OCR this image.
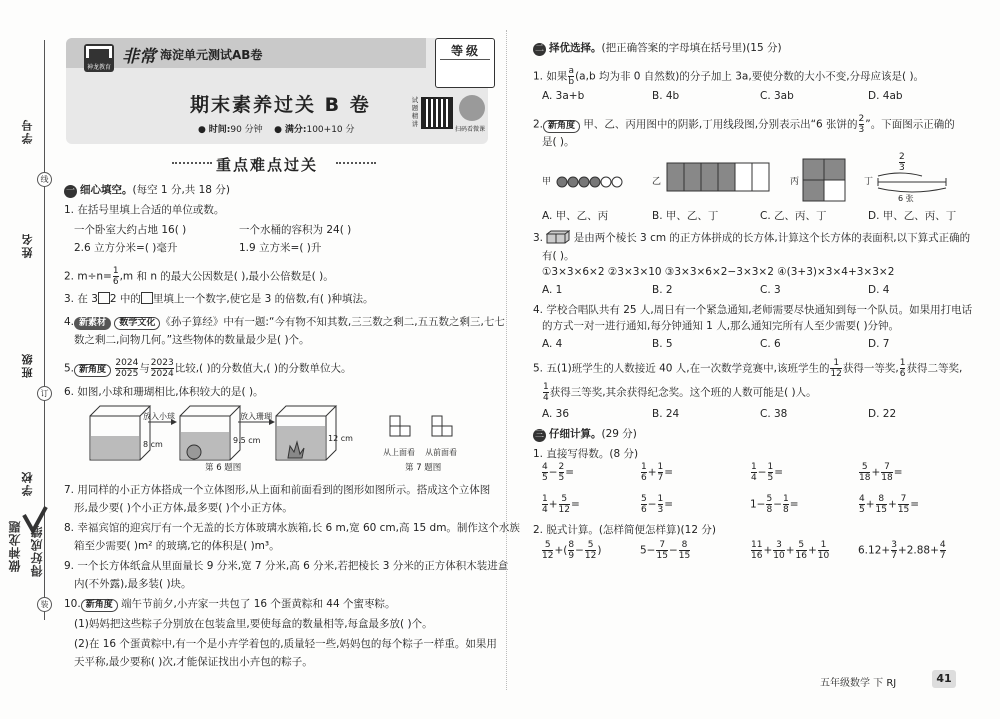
学号
姓名
班级
学校
线
订
装
做神龙题 得好成绩
神龙教育
非常 海淀单元测试AB卷	等级
期末素养过关 B 卷
● 时间:90 分钟 ● 满分:100+10 分
试题精讲
扫码看微课
重点难点过关
一 细心填空。(每空 1 分,共 18 分)
1. 在括号里填上合适的单位或数。
一个卧室大约占地 16( )	一个水桶的容积为 24( )
2.6 立方分米=( )毫升	1.9 立方米=( )升
2. $m\div n= \frac{1}{6} ,m$ 和 n 的最大公因数是( ),最小公倍数是( )。
3. 在 3 2 中的 里填上一个数字,使它是 3 的倍数,有( )种填法。
4. 新素材 数学文化 《孙子算经》中有一题:“今有物不知其数,三三数之剩二,五五数之剩三,七七
数之剩二,问物几何。”这些物体的数量最少是( )个。
5. 新角度 $\frac{2024}{2025}$ 与 $\frac{2023}{2024}$ 比较,( )的分数值大,( )的分数单位大。
6. 如图,小球和珊瑚相比,体积较大的是( )。
放入小球	放入珊瑚
8 cm	9.5 cm	12 cm
第 6 题图
从上面看 从前面看
第 7 题图
7. 用同样的小正方体搭成一个立体图形,从上面和前面看到的图形如图所示。搭成这个立体图
形,最少要( )个小正方体,最多要( )个小正方体。
8. 幸福宾馆的迎宾厅有一个无盖的长方体玻璃水族箱,长 6 m,宽 60 cm,高 15 dm。制作这个水族
箱至少需要( )m² 的玻璃,它的体积是( )m³。
9. 一个长方体纸盒从里面量长 9 分米,宽 7 分米,高 6 分米,若把棱长 3 分米的正方体积木装进盒
内(不外露),最多装( )块。
10. 新角度 端午节前夕,小卉家一共包了 16 个蛋黄粽和 44 个蜜枣粽。
(1)妈妈把这些粽子分别放在包装盒里,要使每盒的数量相等,每盒最多放( )个。
(2)在 16 个蛋黄粽中,有一个是小卉学着包的,质量轻一些,妈妈包的每个粽子一样重。如果用
天平称,最少要称( )次,才能保证找出小卉包的粽子。
二 择优选择。(把正确答案的字母填在括号里)(15 分)
1. 如果 $\frac{a}{b} (a,b$ 均为非 0 自然数)的分子加上 3a,要使分数的大小不变,分母应该是( )。
A. 3a+b	B. 4b	C. 3ab	D. 4ab
2. 新角度 甲、乙、丙用图中的阴影,丁用线段图,分别表示出“6 张饼的 $\frac{2}{3}$ ”。下面图示正确的
是( )。
甲	乙	丙	丁
$\frac{2}{3}$
6 张
A. 甲、乙、丙	B. 甲、乙、丁	C. 乙、丙、丁	D. 甲、乙、丙、丁
3.	是由两个棱长 3 cm 的正方体拼成的长方体,计算这个长方体的表面积,以下算式正确的
有( )。
①3×3×6×2 ②3×3×10 ③3×3×6×2−3×3×2 ④(3+3)×3×4+3×3×2
A. 1	B. 2	C. 3	D. 4
4. 学校合唱队共有 25 人,周日有一个紧急通知,老师需要尽快通知到每一个队员。如果用打电话
的方式一对一进行通知,每分钟通知 1 人,那么通知完所有人至少需要( )分钟。
A. 4	B. 5	C. 6	D. 7
5. 五(1)班学生的人数接近 40 人,在一次数学竞赛中,该班学生的 $\frac{1}{12}$ 获得一等奖, $\frac{1}{6}$ 获得二等奖,
$\frac{1}{4}$ 获得三等奖,其余获得纪念奖。这个班的人数可能是( )人。
A. 36	B. 24	C. 38	D. 22
三 仔细计算。(29 分)
1. 直接写得数。(8 分)
2. 脱式计算。(怎样简便怎样算)(12 分)
五年级数学 下 RJ	41
$\frac{4}{5} - \frac{2}{5}$ =	$\frac{1}{6} + \frac{1}{7}$ =	$\frac{1}{4} - \frac{1}{5}$ =	$\frac{5}{18} + \frac{7}{18}$ =
$\frac{1}{4} + \frac{5}{12}$ =	$\frac{5}{6} - \frac{1}{3}$ =	$1- \frac{5}{8} - \frac{1}{8}$ =	$\frac{4}{5} + \frac{8}{15} + \frac{7}{15}$ =
$\frac{5}{12}$ +( $\frac{8}{9} - \frac{5}{12}$ )	$5- \frac{7}{15} - \frac{8}{15}$	$\frac{11}{16} + \frac{3}{10} + \frac{5}{16} + \frac{1}{10}$	$6.12+ \frac{3}{7} +2.88+ \frac{4}{7}$
